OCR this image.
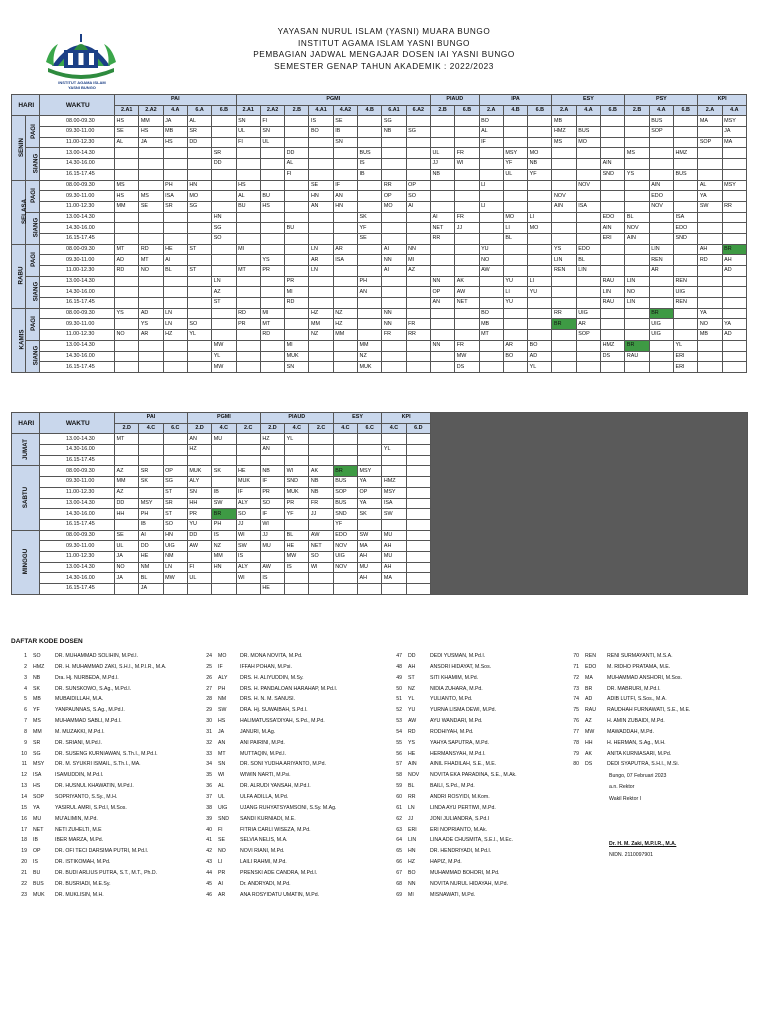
YAYASAN NURUL ISLAM (YASNI) MUARA BUNGO
INSTITUT AGAMA ISLAM YASNI BUNGO
PEMBAGIAN JADWAL MENGAJAR DOSEN IAI YASNI BUNGO
SEMESTER GENAP TAHUN AKADEMIK : 2022/2023
INSTITUT AGAMA ISLAM
YASNI BUNGO
HARI		WAKTU	PAI					PGMI								PIAUD		IPA			ESY			PSY			KPI	
			2.A1	2.A2	4.A	6.A	6.B	2.A1	2.A2	2.B	4.A1	4.A2	4.B	6.A1	6.A2	2.B	6.B	2.A	4.B	6.B	2.A	4.A	6.B	2.B	4.A	6.B	2.A	4.A
SENIN	PAGI	08.00-09.30	HS	MM	JA	AL		SN	FI		IS	SE		SG				BO			MB				BUS		MA	MSY
		09.30-11.00	SE	HS	MB	SR		UL	SN		BO	IB		NB	SG			AL			HMZ	BUS			SOP			JA
		11.00-12.30	AL	JA	HS	DD		FI	UL			SN						IF			MS	MO					SOP	MA
	SIANG	13.00-14.30					SR			DD			BUS			UL	FR		MSY	MO				MS		HMZ		
		14.30-16.00					DD			AL			IS			JJ	WI		YF	NB			AIN					
		16.15-17.45								FI			IB			NB			UL	YF			SND	YS		BUS		
SELASA	PAGI	08.00-09.30	MS		PH	HN		HS			SE	IF		RR	OP			LI				NOV			AIN		AL	MSY
		09.30-11.00	HS	MS	ISA	MO		AL	BU		HN	AN		OP	SO						NOV				EDO		YA	
		11.00-12.30	MM	SE	SR	SG		BU	HS		AN	HN		MO	AI			LI			AIN	ISA			NOV		SW	RR
	SIANG	13.00-14.30					HN						SK			AI	FR		MO	LI			EDO	BL		ISA		
		14.30-16.00					SG			BU			YF			NET	JJ		LI	MO			AIN	NOV		EDO		
		16.15-17.45					SO						SE			RR			BL				ERI	AIN		SND		
RABU	PAGI	08.00-09.30	MT	RD	HE	ST		MI			LN	AR		AI	NN			YU			YS	EDO			LIN		AH	BR
		09.30-11.00	AD	MT	AI				YS		AR	ISA		NN	MI			NO			LIN	BL			REN		RD	AH
		11.00-12.30	RD	NO	BL	ST		MT	PR		LN			AI	AZ			AW			REN	LIN			AR			AD
	SIANG	13.00-14.30					LN			PR			PH			NN	AK		YU	LI			RAU	LIN		REN		
		14.30-16.00					AZ			MI			AN			OP	AW		LI	YU			LIN	NO		UIG		
		16.15-17.45					ST			RD						AN	NET		YU				RAU	LIN		REN		
KAMIS	PAGI	08.00-09.30	YS	AD	LN			RD	MI		HZ	NZ		NN				BO			RR	UIG			BR		YA	
		09.30-11.00		YS	LN	SO		PR	MT		MM	HZ		NN	FR			MB			BR	AR			UIG		NO	YA
		11.00-12.30	NO	AR	HZ	YL			RD		NZ	MM		FR	RR			MT				SOP			UIG		MB	AD
	SIANG	13.00-14.30					MW			MI			MM			NN	FR		AR	BO			HMZ	BR		YL		
		14.30-16.00					YL			MUK			NZ				MW		BO	AD			DS	RAU		ERI		
		16.15-17.45					MW			SN			MUK				DS			YL						ERI		
HARI	WAKTU	PAI			PGMI			PIAUD			ESY		KPI		
		2.D	4.C	6.C	2.D	4.C	2.C	2.D	4.C	2.C	4.C	6.C	4.C	6.D	
JUMAT	13.00-14.30	MT			AN	MU		HZ	YL						
	14.30-16.00				HZ			AN					YL		
	16.15-17.45														
SABTU	08.00-09.30	AZ	SR	OP	MUK	SK	HE	NB	WI	AK	BR	MSY			
	09.30-11.00	MM	SK	SG	ALY		MUK	IF	SND	NB	BUS	YA	HMZ		
	11.00-12.30	AZ		ST	SN	IB	IF	PR	MUK	NB	SOP	OP	MSY		
	13.00-14.30	DD	MSY	SR	HH	SW	ALY	SO	PR	FR	BUS	YA	ISA		
	14.30-16.00	HH	PH	ST	PR	BR	SO	IF	YF	JJ	SND	SK	SW		
	16.15-17.45		IB	SO	YU	PH	JJ	WI			YF				
MINGGU	08.00-09.30	SE	AI	HN	DD	IS	WI	JJ	BL	AW	EDO	SW	MU		
	09.30-11.00	UL	DD	UIG	AW	NZ	SW	MU	HE	NET	NOV	MA	AH		
	11.00-12.30	JA	HE	NM		MM	IS		MW	SO	UIG	AH	MU		
	13.00-14.30	NO	NM	LN	FI	HN	ALY	AW	IS	WI	NOV	MU	AH		
	14.30-16.00	JA	BL	MW	UL		WI	IS				AH	MA		
	16.15-17.45		JA					HE							
DAFTAR KODE DOSEN
1 SO	DR. MUHAMMAD SOLIHIN, M.Pd.I.
2 HMZ DR. H. MUHAMMAD ZAKI, S.H.I., M.P.I.R., M.A.
3 NB	Dra. Hj. NURBEDA, M.Pd.I.
4 SK	DR. SUNSKOWO, S.Ag., M.Pd.I.
5 MB	MUBAIDILLAH, M.A.
6 YF	YANPAUNNAS, S.Ag., M.Pd.I.
7 MS	MUHAMMAD SABLI, M.Pd.I.
8 MM	M. MUZAKKI, M.Pd.I.
9 SR	DR. SRIANI, M.Pd.I.
10 SG	DR. SUSENG KURNIAWAN, S.Th.I., M.Pd.I.
11 MSY DR. M. SYUKRI ISMAIL, S.Th.I., MA.
12 ISA	ISAMUDDIN, M.Pd.I.
13 HS	DR. HUSNUL KHAWATIN, M.Pd.I.
14 SOP SOPRIYANTO, S.Sy., M.H.
15 YA	YASIRUL AMRI, S.Pd.I, M.Sos.
16 MU	MU'ALIMIN, M.Pd.
17 NET NETI ZUHELTI, M.E
18 IB	IBER MARZA, M.Pd.
19 OP	DR. OFI TECI DARSIMA PUTRI, M.Pd.I.
20 IS	DR. ISTIKOMAH, M.Pd.
21 BU	DR. BUDI ARLIUS PUTRA, S.T., M.T., Ph.D.
22 BUS DR. BUSRIADI, M.E.Sy.
23 MUK DR. MUKLISIN, M.H.
24 MO	DR. MONA NOVITA, M.Pd.
25 IF	IFFAH POHAN, M.Psi.
26 ALY DRS. H. ALIYUDDIN, M.Sy.
27 PH	DRS. H. PANDALOAN HARAHAP, M.Pd.I.
28 NM	DRS. H. N. M. SANUSI.
29 SW	DRA. Hj. SUWAIBAH, S.Pd.I.
30 HS	HALIMATUSSA'DIYAH, S.Pd., M.Pd.
31 JA	JANURI, M.Ag.
32 AN	ANI PAIRINI, M.Pd.
33 MT	MUTTAQIN, M.Pd.I.
34 SN	DR. SONI YUDHA ARIYANTO, M.Pd.
35 WI	WIWIN NARTI, M.Psi.
36 AL	DR. ALRUDI YANSAH, M.Pd.I.
37 UL	ULFA ADILLA, M.Pd.
38 UIG UJANG RUHYATSYAMSONI, S.Sy. M.Ag.
39 SND SANDI KURNIADI, M.E.
40 FI	FITRIA CARLI WISEZA, M.Pd.
41 SE	SELVIA NELIS, M.A.
42 NO	NOVI RIANI, M.Pd.
43 LI	LAILI RAHMI, M.Pd.
44 PR	PRENSKI ADE CANDRA, M.Pd.I.
45 AI	Dr. ANDRYADI, M.Pd.
46 AR	ANA ROSYIDATU UMATIN, M.Pd.
47 DD	DEDI YUSMAN, M.Pd.I.
48 AH	ANSORI HIDAYAT, M.Sos.
49 ST	SITI KHAMIM, M.Pd.
50 NZ	NIDIA ZUHARA, M.Pd.
51 YL	YULIANTO, M.Pd.
52 YU	YURNA LISMA DEWI, M.Pd.
53 AW	AYU WANDARI, M.Pd.
54 RD	RODHIYAH, M.Pd.
55 YS	YAHYA SAPUTRA, M.Pd.
56 HE	HERMANSYAH, M.Pd.I.
57 AIN	AINIL FHADILAH, S.E., M.E.
58 NOV NOVITA EKA PARADINA, S.E., M.Ak.
59 BL	BAILI, S.Pd., M.Pd.
60 RR	ANDRI ROSYIDI, M.Kom.
61 LN	LINDA AYU PERTIWI, M.Pd.
62 JJ	JONI JULIANDRA, S.Pd.I
63 ERI	ERI NOPRIANTO, M.Ak.
64 LIN	LINA ADE CHUSMITA, S.E.I., M.Ec.
65 HN	DR. HENDRIYADI, M.Pd.I.
66 HZ	HAPIZ, M.Pd.
67 BO	MUHAMMAD BOHORI, M.Pd.
68 NN	NOVITA NURUL HIDAYAH, M.Pd.
69 MI	MISNAWATI, M.Pd.
70 REN RENI SURMAYANTI, M.S.A.
71 EDO M. RIDHO PRATAMA, M.E.
72 MA	MUHAMMAD ANSHORI, M.Sos.
73 BR	DR. MABRURI, M.Pd.I.
74 AD	ADIB LUTFI, S.Sos., M.A.
75 RAU RAUDHAH FURNAWATI, S.E., M.E.
76 AZ	H. AMIN ZUBAIDI, M.Pd.
77 MW MAWADDAH, M.Pd.
78 HH	H. HERMAN, S.Ag., M.H.
79 AK	ANITA KURNIASARI, M.Pd.
80 DS	DEDI SYAPUTRA, S.H.I., M.Si.
Bungo, 07 Februari 2023
a.n. Rektor
Wakil Rektor I
Dr. H. M. Zaki, M.P.I.R., M.A.
NIDN. 2110097901
